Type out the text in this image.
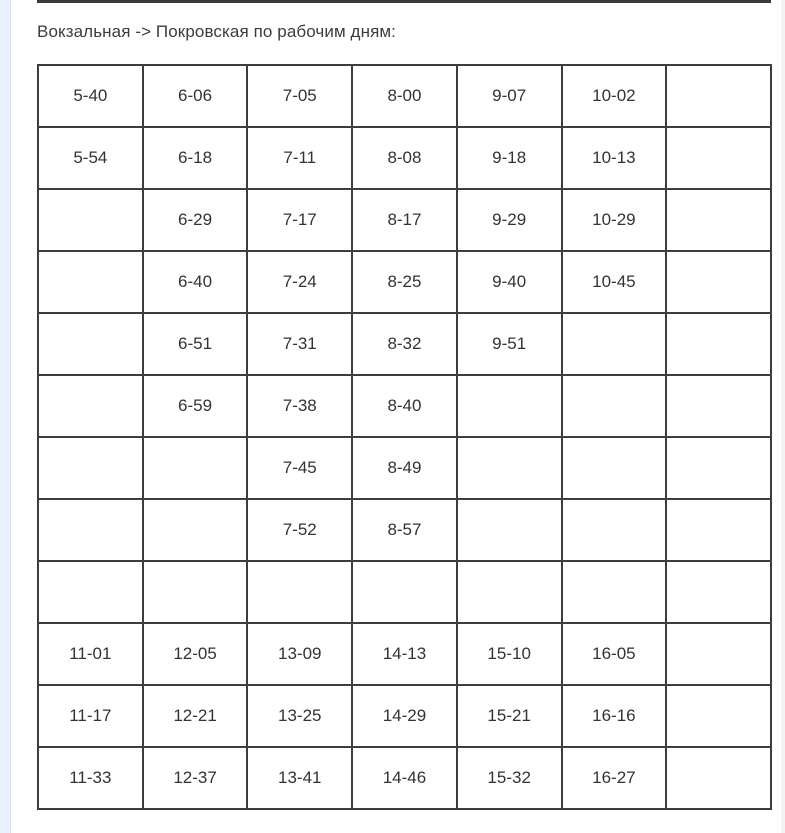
Вокзальная -> Покровская по рабочим дням:
5-40	6-06	7-05	8-00	9-07	10-02	
5-54	6-18	7-11	8-08	9-18	10-13	
	6-29	7-17	8-17	9-29	10-29	
	6-40	7-24	8-25	9-40	10-45	
	6-51	7-31	8-32	9-51		
	6-59	7-38	8-40			
		7-45	8-49			
		7-52	8-57			

11-01	12-05	13-09	14-13	15-10	16-05	
11-17	12-21	13-25	14-29	15-21	16-16	
11-33	12-37	13-41	14-46	15-32	16-27	
